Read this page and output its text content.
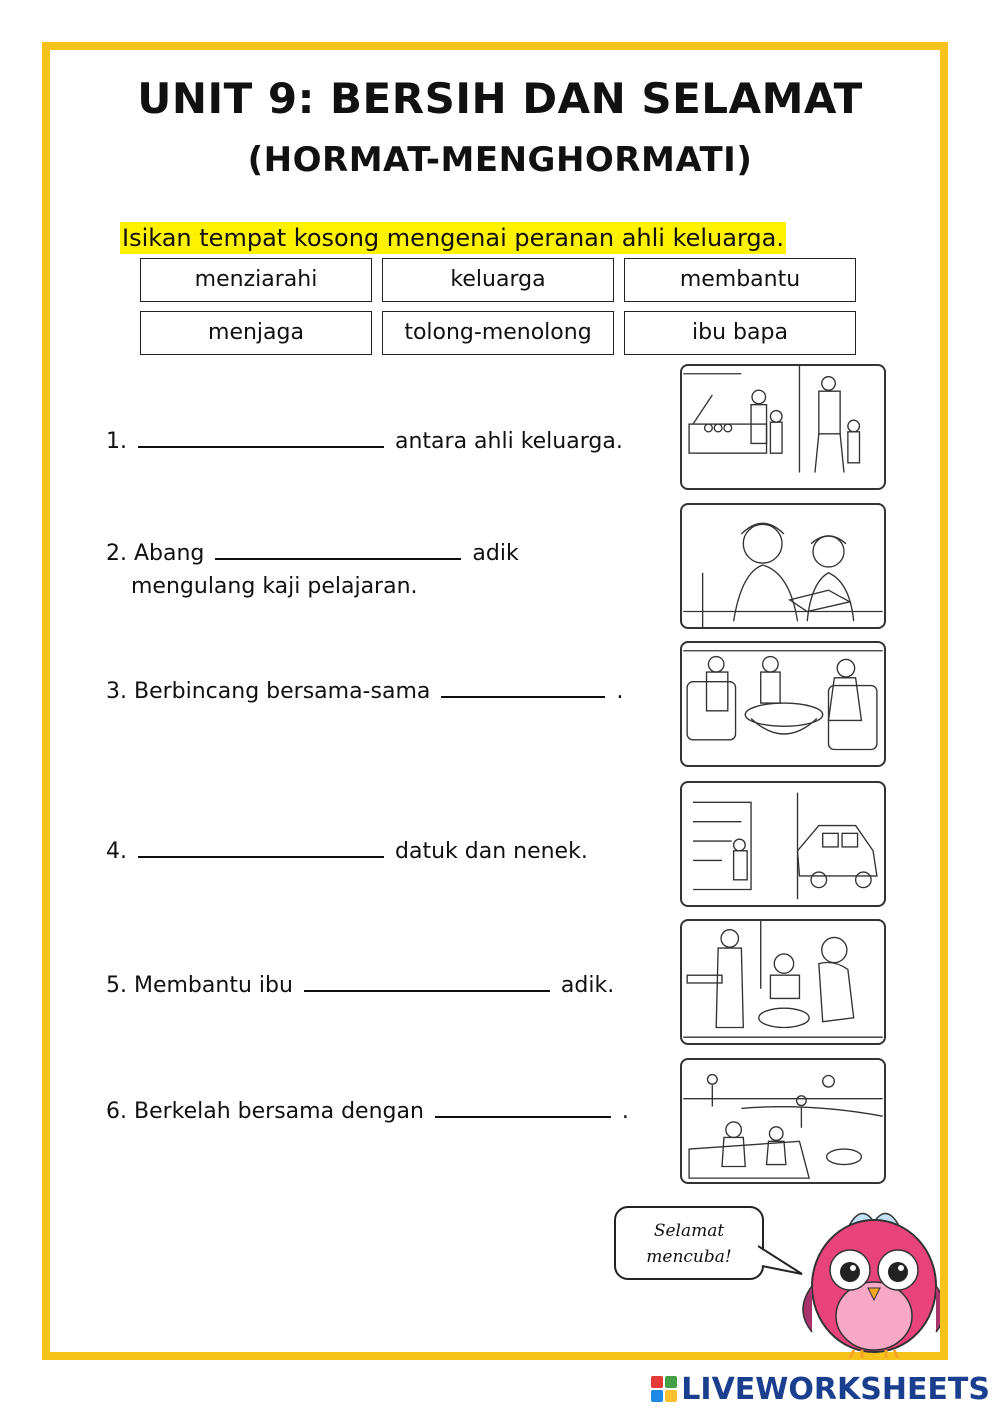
UNIT 9: BERSIH DAN SELAMAT
(HORMAT-MENGHORMATI)
Isikan tempat kosong mengenai peranan ahli keluarga.
menziarahi	keluarga	membantu
menjaga	tolong-menolong	ibu bapa
1.	antara ahli keluarga.
2. Abang	adik
mengulang kaji pelajaran.
3. Berbincang bersama-sama	.
4.	datuk dan nenek.
5. Membantu ibu	adik.
6. Berkelah bersama dengan	.
Selamat
mencuba!
LIVEWORKSHEETS
